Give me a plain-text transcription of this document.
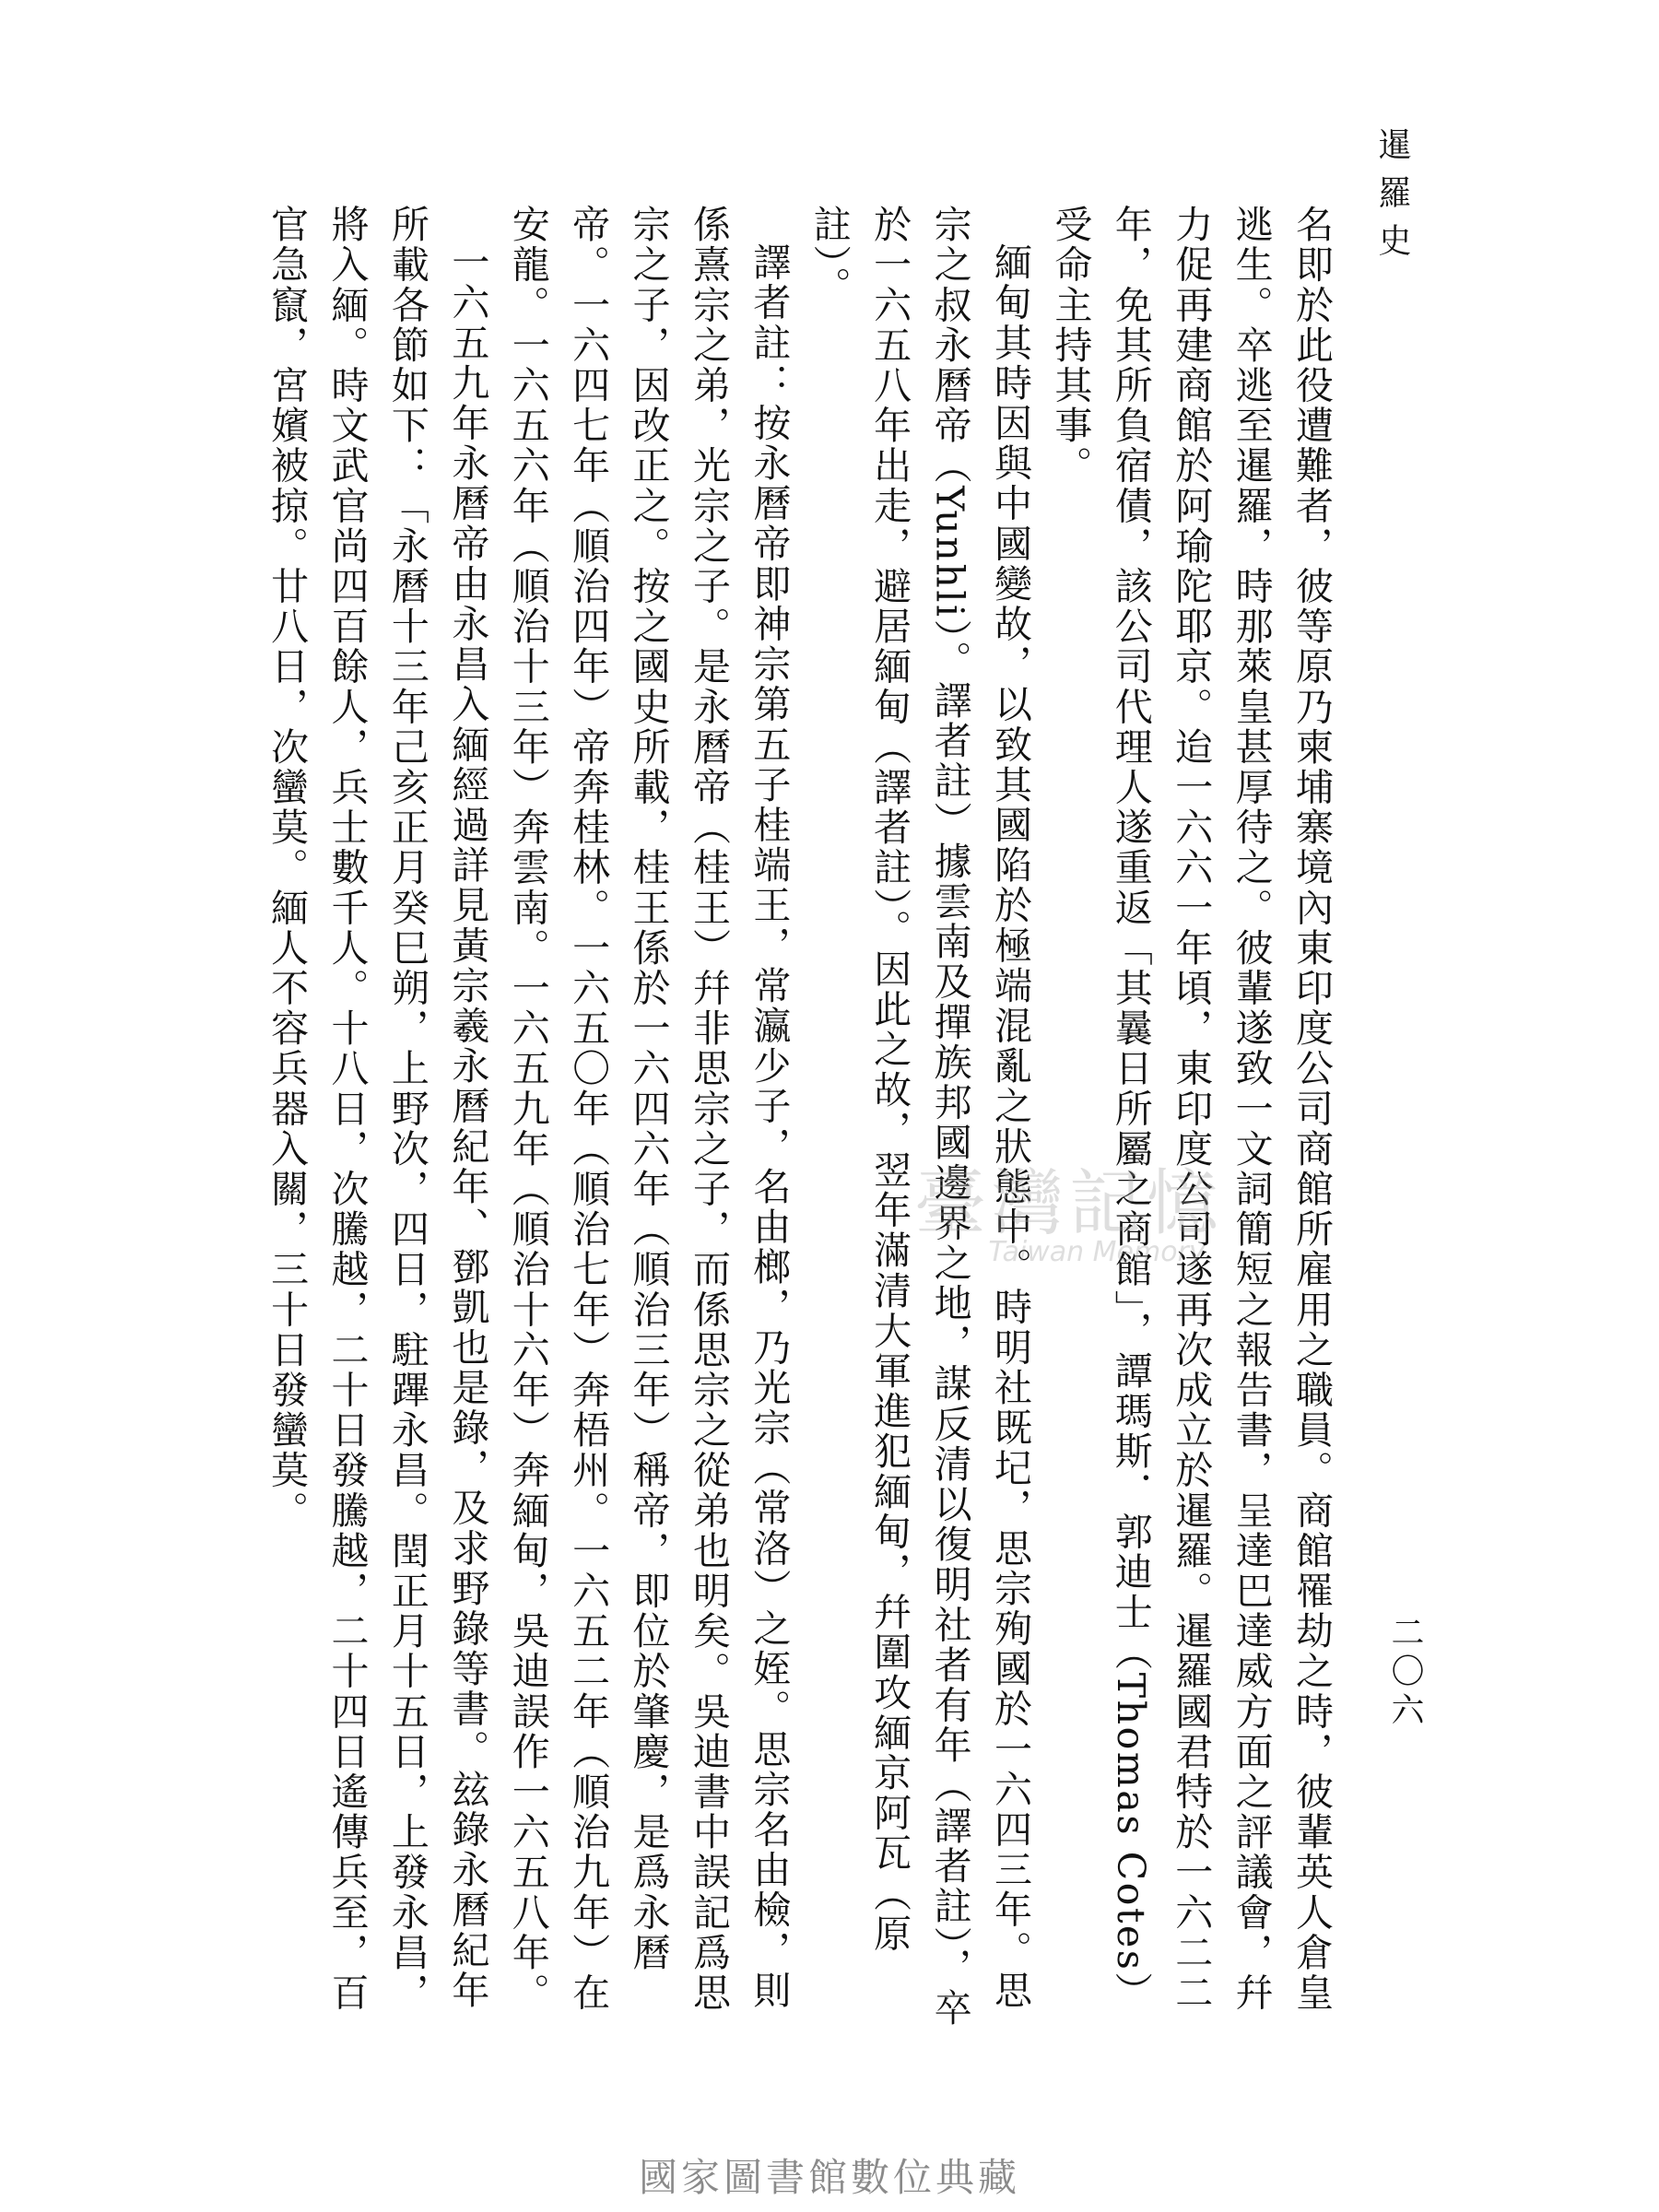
暹羅史
二〇六

名即於此役遭難者，彼等原乃柬埔寨境內東印度公司商館所雇用之職員。商館罹劫之時，彼輩英人倉皇逃生。卒逃至暹羅，時那萊皇甚厚待之。彼輩遂致一文詞簡短之報告書，呈達巴達威方面之評議會，幷力促再建商館於阿瑜陀耶京。迨一六六一年頃，東印度公司遂再次成立於暹羅。暹羅國君特於一六二二年，免其所負宿債，該公司代理人遂重返「其曩日所屬之商館」，譚瑪斯．郭迪士（Thomas Cotes）受命主持其事。

緬甸其時因與中國變故，以致其國陷於極端混亂之狀態中。時明社既圮，思宗殉國於一六四三年。思宗之叔永曆帝（Yunhli）。譯者註）據雲南及撣族邦國邊界之地，謀反清以復明社者有年（譯者註），卒於一六五八年出走，避居緬甸（譯者註）。因此之故，翌年滿清大軍進犯緬甸，幷圍攻緬京阿瓦（原註）。

譯者註：按永曆帝即神宗第五子桂端王，常瀛少子，名由榔，乃光宗（常洛）之姪。思宗名由檢，則係熹宗之弟，光宗之子。是永曆帝（桂王）幷非思宗之子，而係思宗之從弟也明矣。吳迪書中誤記爲思宗之子，因改正之。按之國史所載，桂王係於一六四六年（順治三年）稱帝，即位於肇慶，是爲永曆帝。一六四七年（順治四年）帝奔桂林。一六五〇年（順治七年）奔梧州。一六五二年（順治九年）在安龍。一六五六年（順治十三年）奔雲南。一六五九年（順治十六年）奔緬甸，吳迪誤作一六五八年。

一六五九年永曆帝由永昌入緬經過詳見黃宗羲永曆紀年、鄧凱也是錄，及求野錄等書。玆錄永曆紀年所載各節如下：「永曆十三年己亥正月癸巳朔，上野次，四日，駐蹕永昌。閏正月十五日，上發永昌，將入緬。時文武官尚四百餘人，兵士數千人。十八日，次騰越，二十日發騰越，二十四日遙傳兵至，百官急竄，宮嬪被掠。廿八日，次蠻莫。緬人不容兵器入關，三十日發蠻莫。	臺灣記憶
Taiwan Memory
國家圖書館數位典藏
